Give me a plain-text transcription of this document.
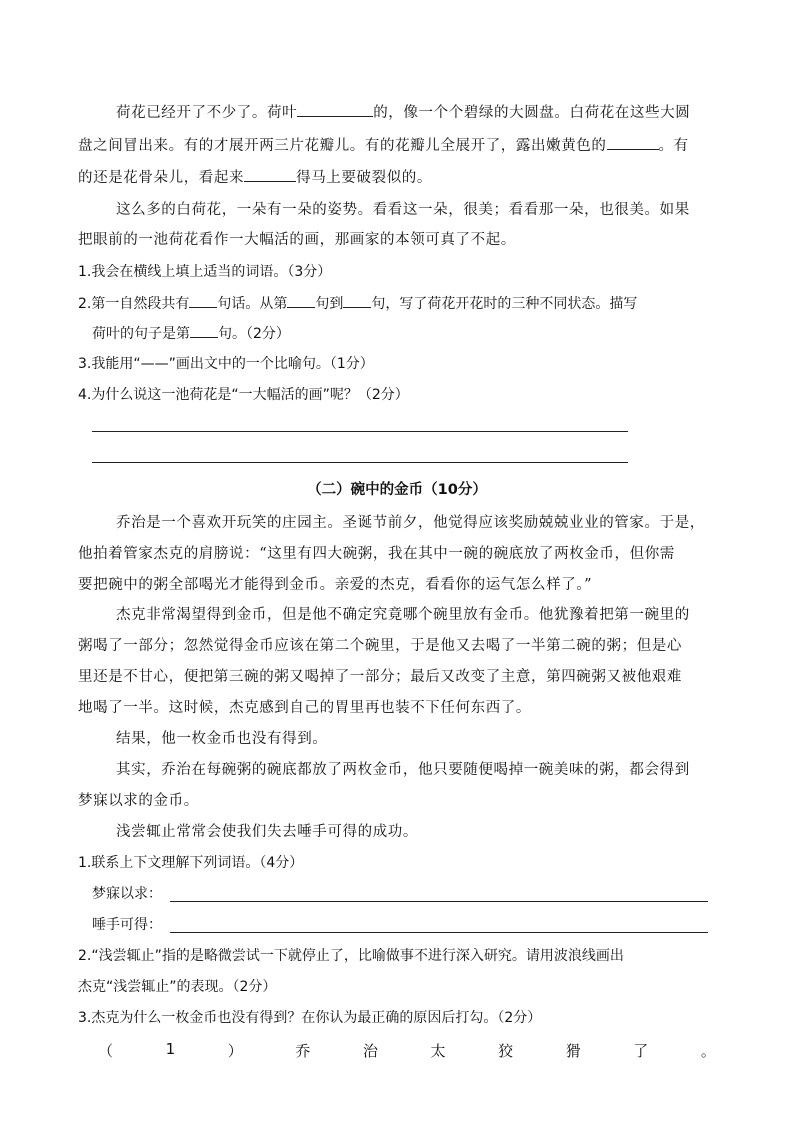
荷花已经开了不少了。荷叶	的，像一个个碧绿的大圆盘。白荷花在这些大圆
盘之间冒出来。有的才展开两三片花瓣儿。有的花瓣儿全展开了，露出嫩黄色的	。有
的还是花骨朵儿，看起来	得马上要破裂似的。
这么多的白荷花，一朵有一朵的姿势。看看这一朵，很美；看看那一朵，也很美。如果
把眼前的一池荷花看作一大幅活的画，那画家的本领可真了不起。
1.我会在横线上填上适当的词语。（3分）
2.第一自然段共有 句话。从第 句到 句，写了荷花开花时的三种不同状态。描写
荷叶的句子是第 句。（2分）
3.我能用“——”画出文中的一个比喻句。（1分）
4.为什么说这一池荷花是“一大幅活的画”呢？（2分）
（二）碗中的金币（10分）
乔治是一个喜欢开玩笑的庄园主。圣诞节前夕，他觉得应该奖励兢兢业业的管家。于是，
他拍着管家杰克的肩膀说：“这里有四大碗粥，我在其中一碗的碗底放了两枚金币，但你需
要把碗中的粥全部喝光才能得到金币。亲爱的杰克，看看你的运气怎么样了。”
杰克非常渴望得到金币，但是他不确定究竟哪个碗里放有金币。他犹豫着把第一碗里的
粥喝了一部分；忽然觉得金币应该在第二个碗里，于是他又去喝了一半第二碗的粥；但是心
里还是不甘心，便把第三碗的粥又喝掉了一部分；最后又改变了主意，第四碗粥又被他艰难
地喝了一半。这时候，杰克感到自己的胃里再也装不下任何东西了。
结果，他一枚金币也没有得到。
其实，乔治在每碗粥的碗底都放了两枚金币，他只要随便喝掉一碗美味的粥，都会得到
梦寐以求的金币。
浅尝辄止常常会使我们失去唾手可得的成功。
1.联系上下文理解下列词语。（4分）
梦寐以求：
唾手可得：
2.“浅尝辄止”指的是略微尝试一下就停止了，比喻做事不进行深入研究。请用波浪线画出
杰克“浅尝辄止”的表现。（2分）
3.杰克为什么一枚金币也没有得到？在你认为最正确的原因后打勾。（2分）
（	1	）	乔	治	太	狡	猾	了	。
